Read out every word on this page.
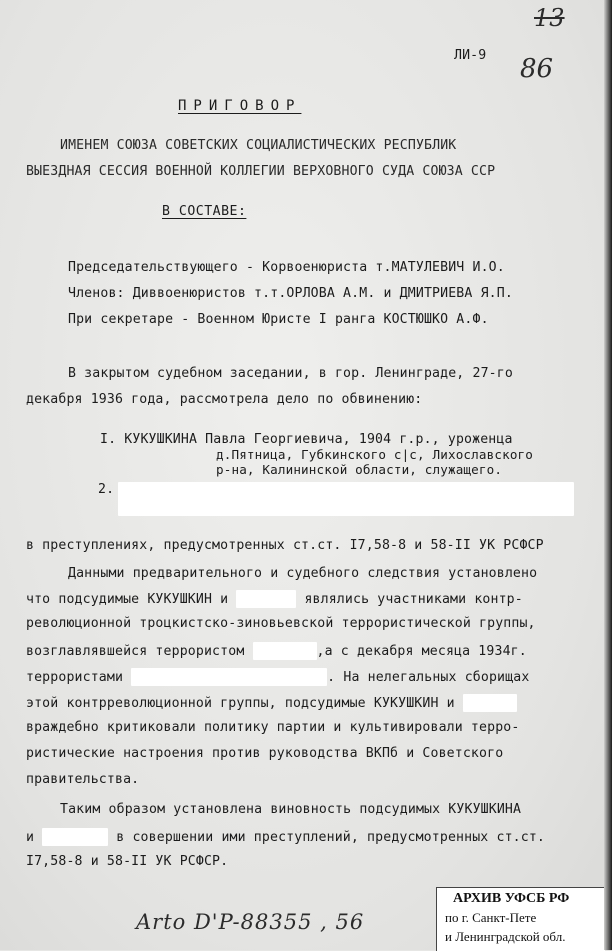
13
86
ЛИ-9
ПРИГОВОР
ИМЕНЕМ СОЮЗА СОВЕТСКИХ СОЦИАЛИСТИЧЕСКИХ РЕСПУБЛИК
ВЫЕЗДНАЯ СЕССИЯ ВОЕННОЙ КОЛЛЕГИИ ВЕРХОВНОГО СУДА СОЮЗА ССР
В СОСТАВЕ:
Председательствующего - Корвоенюриста т.МАТУЛЕВИЧ И.О.
Членов: Диввоенюристов т.т.ОРЛОВА А.М. и ДМИТРИЕВА Я.П.
При секретаре - Военном Юристе I ранга КОСТЮШКО А.Ф.
В закрытом судебном заседании, в гор. Ленинграде, 27-го
декабря 1936 года, рассмотрела дело по обвинению:
I. КУКУШКИНА Павла Георгиевича, 1904 г.р., уроженца
д.Пятница, Губкинского с|с, Лихославского
р-на, Калининской области, служащего.
2.
в преступлениях, предусмотренных ст.ст. I7,58-8 и 58-II УК РСФСР
Данными предварительного и судебного следствия установлено
что подсудимые КУКУШКИН и	являлись участниками контр-
революционной троцкистско-зиновьевской террористической группы,
возглавлявшейся террористом	,а с декабря месяца 1934г.
террористами	. На нелегальных сборищах
этой контрреволюционной группы, подсудимые КУКУШКИН и
враждебно критиковали политику партии и культивировали терро-
ристические настроения против руководства ВКПб и Советского
правительства.
Таким образом установлена виновность подсудимых КУКУШКИНА
и	в совершении ими преступлений, предусмотренных ст.ст.
I7,58-8 и 58-II УК РСФСР.
Arto D'P-88355 , 56
АРХИВ УФСБ РФ
по г. Санкт-Пете
и Ленинградской обл.
